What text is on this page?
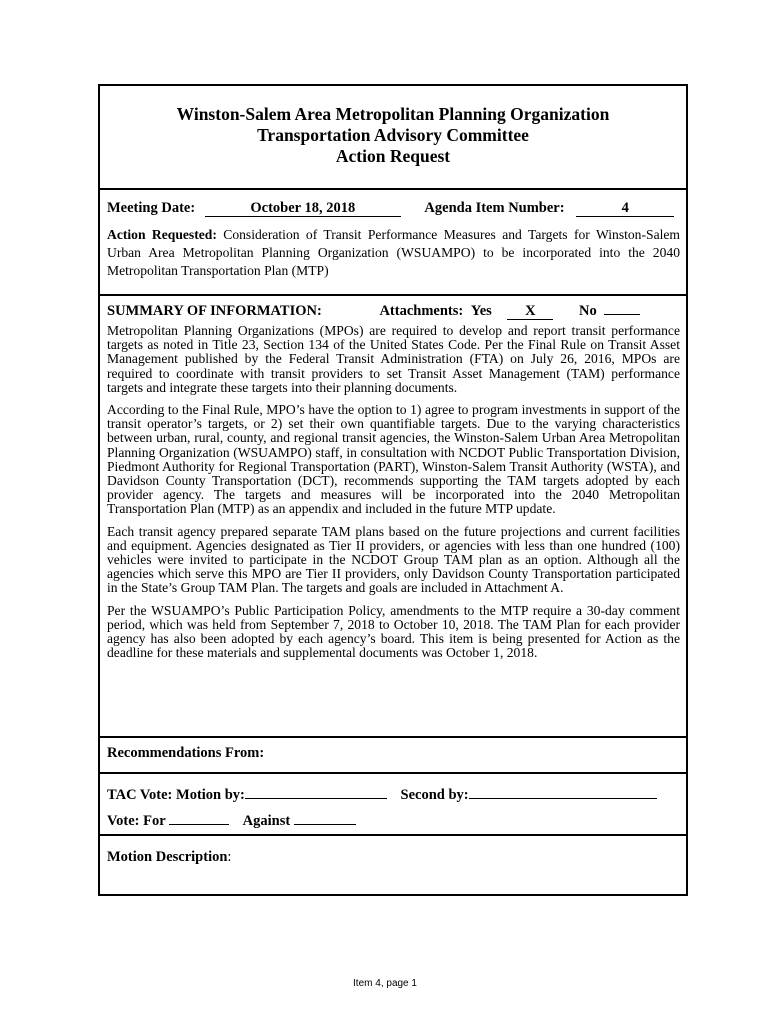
Winston-Salem Area Metropolitan Planning Organization
Transportation Advisory Committee
Action Request
Meeting Date:	October 18, 2018	Agenda Item Number:	4
Action Requested: Consideration of Transit Performance Measures and Targets for Winston-Salem Urban Area Metropolitan Planning Organization (WSUAMPO) to be incorporated into the 2040 Metropolitan Transportation Plan (MTP)
SUMMARY OF INFORMATION:	Attachments: Yes X	No

Metropolitan Planning Organizations (MPOs) are required to develop and report transit performance targets as noted in Title 23, Section 134 of the United States Code. Per the Final Rule on Transit Asset Management published by the Federal Transit Administration (FTA) on July 26, 2016, MPOs are required to coordinate with transit providers to set Transit Asset Management (TAM) performance targets and integrate these targets into their planning documents.

According to the Final Rule, MPO’s have the option to 1) agree to program investments in support of the transit operator’s targets, or 2) set their own quantifiable targets. Due to the varying characteristics between urban, rural, county, and regional transit agencies, the Winston-Salem Urban Area Metropolitan Planning Organization (WSUAMPO) staff, in consultation with NCDOT Public Transportation Division, Piedmont Authority for Regional Transportation (PART), Winston-Salem Transit Authority (WSTA), and Davidson County Transportation (DCT), recommends supporting the TAM targets adopted by each provider agency. The targets and measures will be incorporated into the 2040 Metropolitan Transportation Plan (MTP) as an appendix and included in the future MTP update.

Each transit agency prepared separate TAM plans based on the future projections and current facilities and equipment. Agencies designated as Tier II providers, or agencies with less than one hundred (100) vehicles were invited to participate in the NCDOT Group TAM plan as an option. Although all the agencies which serve this MPO are Tier II providers, only Davidson County Transportation participated in the State’s Group TAM Plan. The targets and goals are included in Attachment A.

Per the WSUAMPO’s Public Participation Policy, amendments to the MTP require a 30-day comment period, which was held from September 7, 2018 to October 10, 2018. The TAM Plan for each provider agency has also been adopted by each agency’s board. This item is being presented for Action as the deadline for these materials and supplemental documents was October 1, 2018.

Recommendations From:
TAC Vote: Motion by:	Second by:
Vote: For	Against
Motion Description:
Item 4, page 1
